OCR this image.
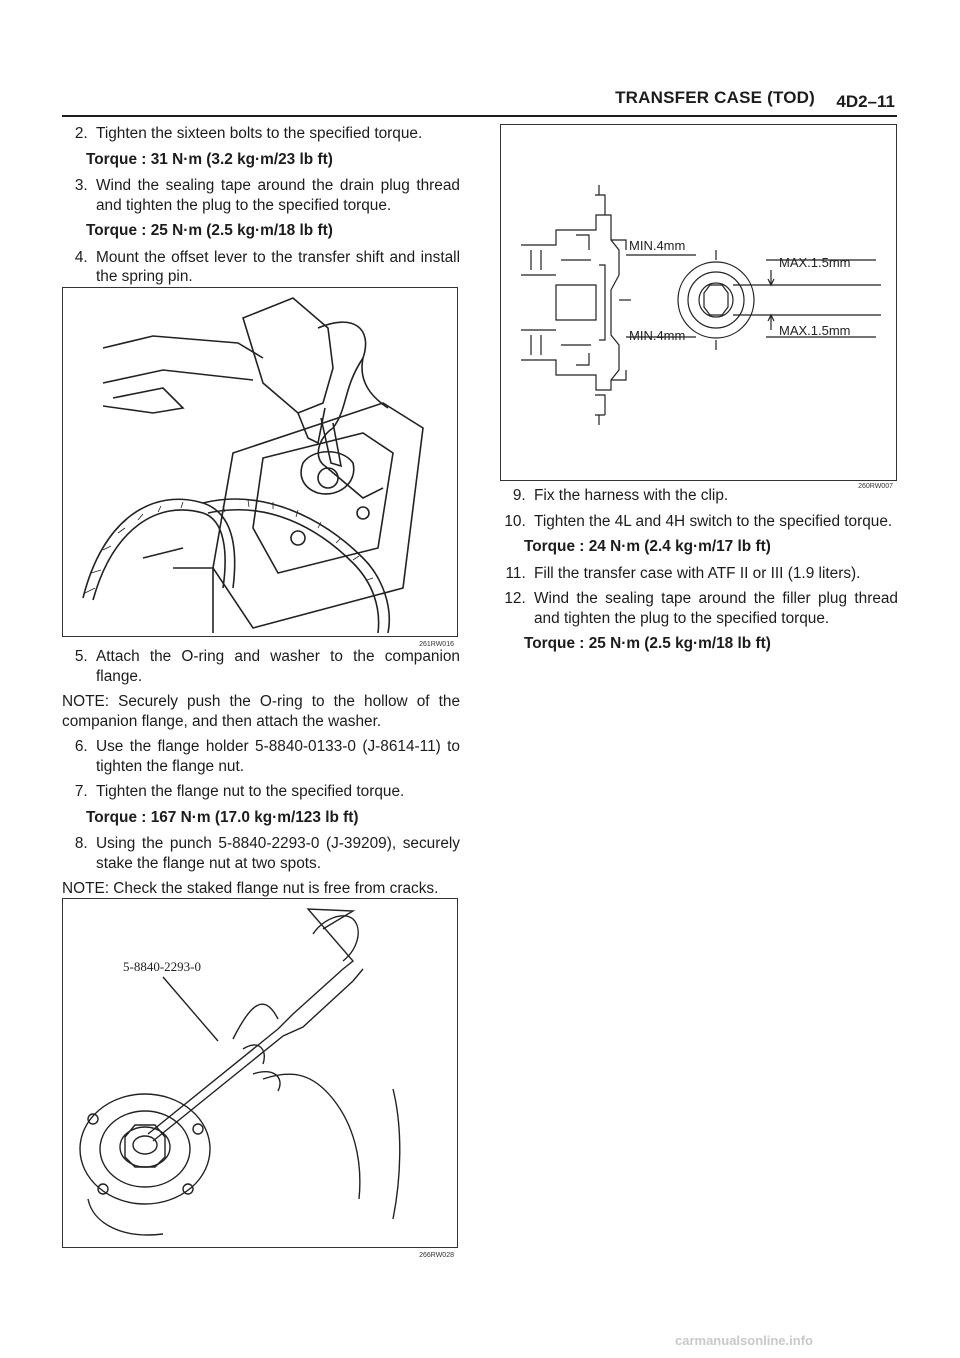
TRANSFER CASE (TOD) 4D2–11
2. Tighten the sixteen bolts to the specified torque.
Torque : 31 N·m (3.2 kg·m/23 lb ft)
3. Wind the sealing tape around the drain plug thread and tighten the plug to the specified torque.
Torque : 25 N·m (2.5 kg·m/18 lb ft)
4. Mount the offset lever to the transfer shift and install the spring pin.
261RW016
5. Attach the O-ring and washer to the companion flange.
NOTE: Securely push the O-ring to the hollow of the companion flange, and then attach the washer.
6. Use the flange holder 5-8840-0133-0 (J-8614-11) to tighten the flange nut.
7. Tighten the flange nut to the specified torque.
Torque : 167 N·m (17.0 kg·m/123 lb ft)
8. Using the punch 5-8840-2293-0 (J-39209), securely stake the flange nut at two spots.
NOTE: Check the staked flange nut is free from cracks.
5-8840-2293-0
266RW028
MIN.4mm
MIN.4mm
MAX.1.5mm
MAX.1.5mm
260RW007
9. Fix the harness with the clip.
10. Tighten the 4L and 4H switch to the specified torque.
Torque : 24 N·m (2.4 kg·m/17 lb ft)
11. Fill the transfer case with ATF II or III (1.9 liters).
12. Wind the sealing tape around the filler plug thread and tighten the plug to the specified torque.
Torque : 25 N·m (2.5 kg·m/18 lb ft)
carmanualsonline.info
